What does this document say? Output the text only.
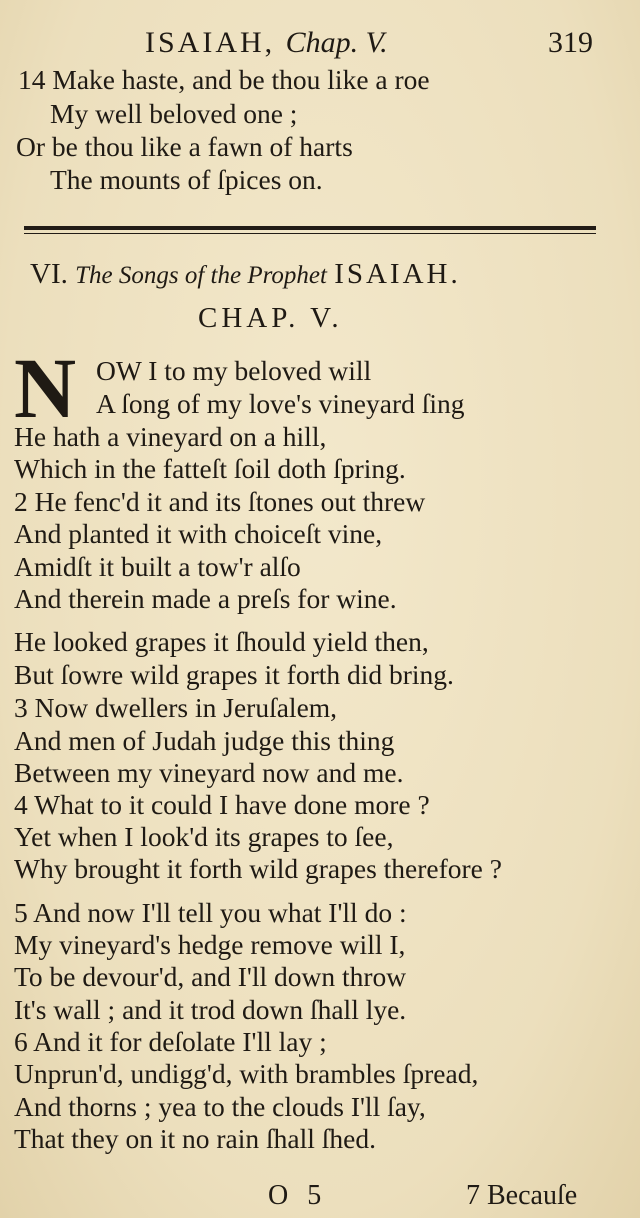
ISAIAH, Chap. V.	319
14 Make haste, and be thou like a roe
My well beloved one ;
Or be thou like a fawn of harts
The mounts of ſpices on.
VI. The Songs of the Prophet ISAIAH.
CHAP. V.
N OW I to my beloved will
A ſong of my love's vineyard ſing
He hath a vineyard on a hill,
Which in the fatteſt ſoil doth ſpring.
2 He fenc'd it and its ſtones out threw
And planted it with choiceſt vine,
Amidſt it built a tow'r alſo
And therein made a preſs for wine.
He looked grapes it ſhould yield then,
But ſowre wild grapes it forth did bring.
3 Now dwellers in Jeruſalem,
And men of Judah judge this thing
Between my vineyard now and me.
4 What to it could I have done more ?
Yet when I look'd its grapes to ſee,
Why brought it forth wild grapes therefore ?
5 And now I'll tell you what I'll do :
My vineyard's hedge remove will I,
To be devour'd, and I'll down throw
It's wall ; and it trod down ſhall lye.
6 And it for deſolate I'll lay ;
Unprun'd, undigg'd, with brambles ſpread,
And thorns ; yea to the clouds I'll ſay,
That they on it no rain ſhall ſhed.
O 5	7 Becauſe
